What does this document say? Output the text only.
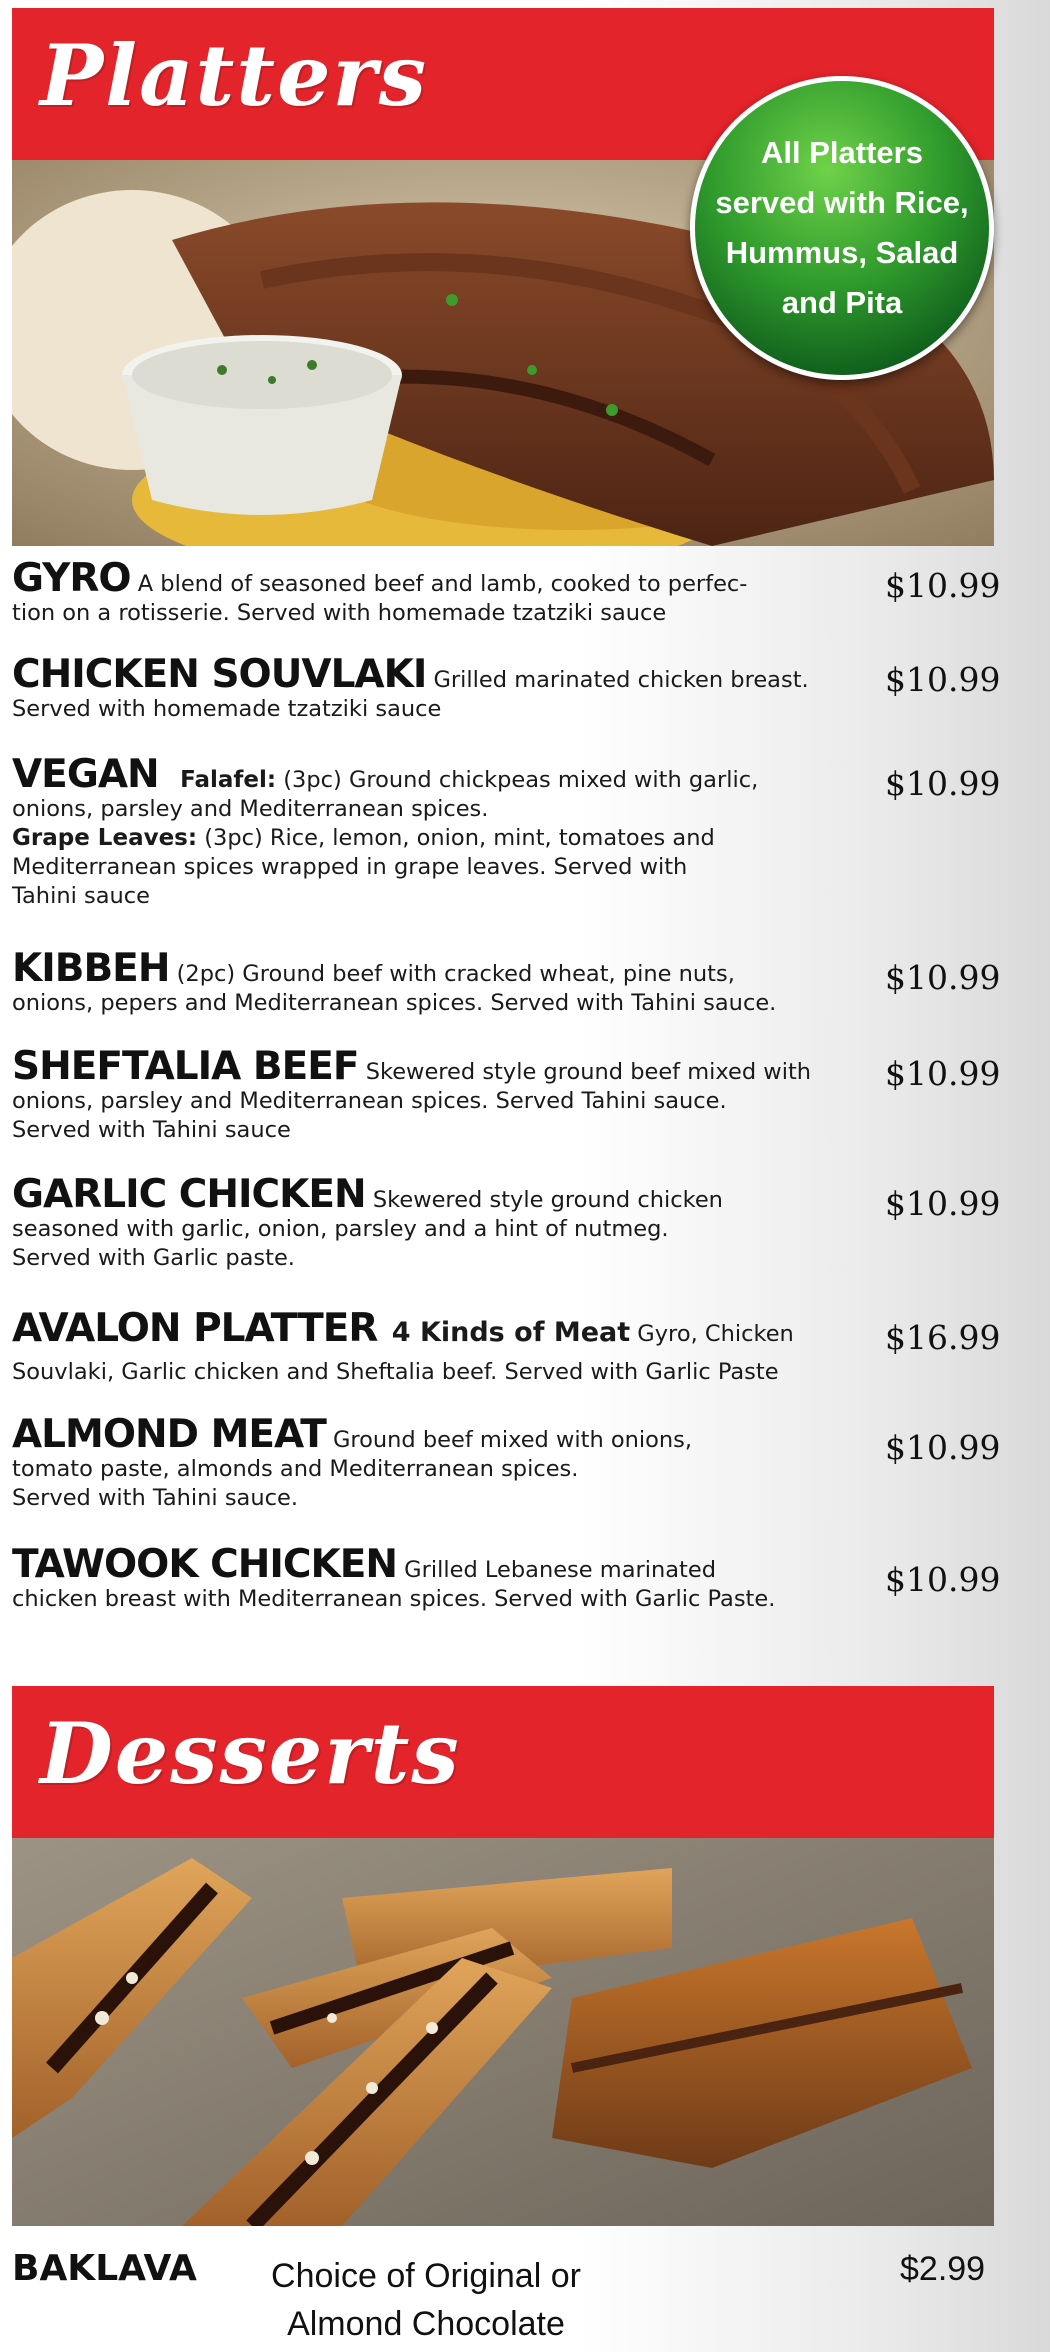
Platters
All Platters
served with Rice,
Hummus, Salad
and Pita

GYRO A blend of seasoned beef and lamb, cooked to perfec-
tion on a rotisserie. Served with homemade tzatziki sauce

$10.99

CHICKEN SOUVLAKI Grilled marinated chicken breast.
Served with homemade tzatziki sauce

$10.99

VEGAN Falafel: (3pc) Ground chickpeas mixed with garlic,
onions, parsley and Mediterranean spices.
Grape Leaves: (3pc) Rice, lemon, onion, mint, tomatoes and
Mediterranean spices wrapped in grape leaves. Served with
Tahini sauce

$10.99

KIBBEH (2pc) Ground beef with cracked wheat, pine nuts,
onions, pepers and Mediterranean spices. Served with Tahini sauce.

$10.99

SHEFTALIA BEEF Skewered style ground beef mixed with
onions, parsley and Mediterranean spices. Served Tahini sauce.
Served with Tahini sauce

$10.99

GARLIC CHICKEN Skewered style ground chicken
seasoned with garlic, onion, parsley and a hint of nutmeg.
Served with Garlic paste.

$10.99

AVALON PLATTER 4 Kinds of Meat Gyro, Chicken
Souvlaki, Garlic chicken and Sheftalia beef. Served with Garlic Paste

$16.99

ALMOND MEAT Ground beef mixed with onions,
tomato paste, almonds and Mediterranean spices.
Served with Tahini sauce.

$10.99

TAWOOK CHICKEN Grilled Lebanese marinated
chicken breast with Mediterranean spices. Served with Garlic Paste.	$10.99
Desserts
BAKLAVA	Choice of Original or
Almond Chocolate
$2.99
